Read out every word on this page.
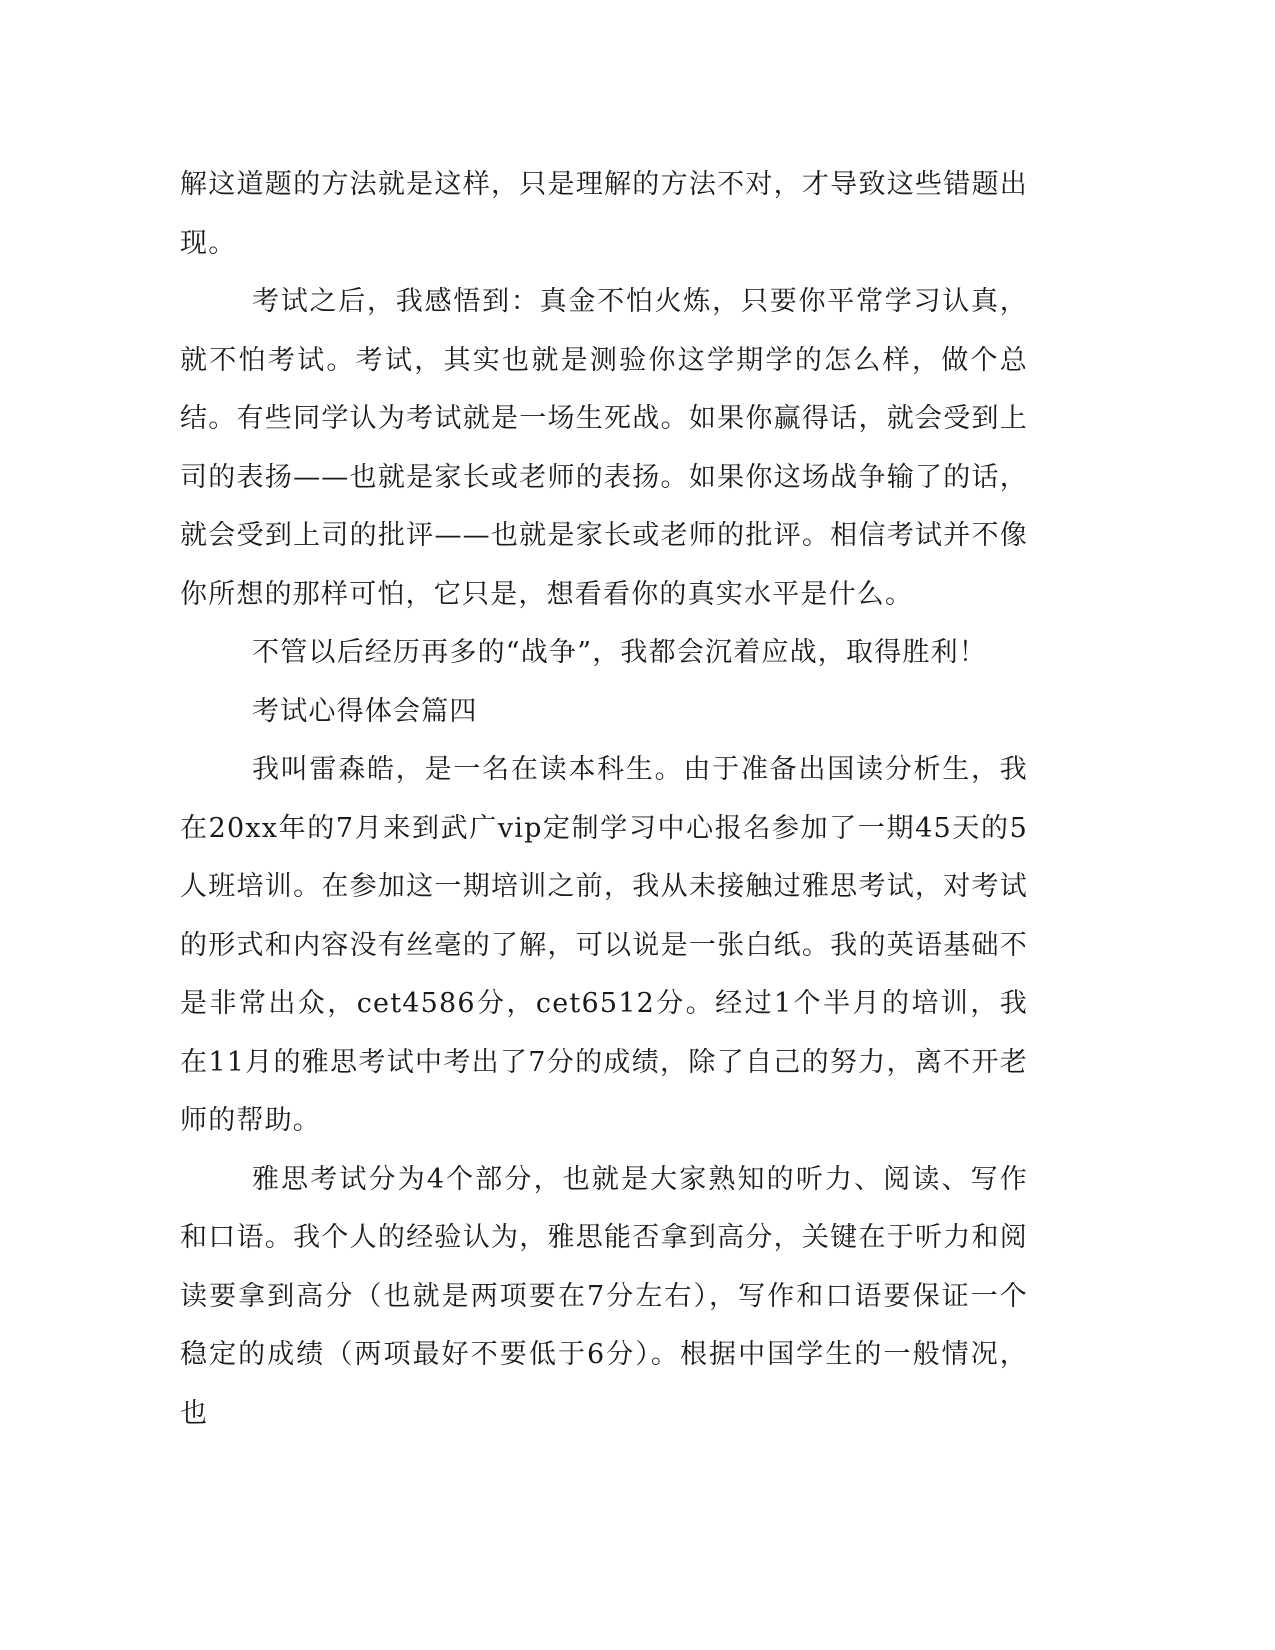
解这道题的方法就是这样，只是理解的方法不对，才导致这些错题出现。

考试之后，我感悟到：真金不怕火炼，只要你平常学习认真，就不怕考试。考试，其实也就是测验你这学期学的怎么样，做个总结。有些同学认为考试就是一场生死战。如果你赢得话，就会受到上司的表扬——也就是家长或老师的表扬。如果你这场战争输了的话，就会受到上司的批评——也就是家长或老师的批评。相信考试并不像你所想的那样可怕，它只是，想看看你的真实水平是什么。

不管以后经历再多的“战争”，我都会沉着应战，取得胜利！

考试心得体会篇四

我叫雷森皓，是一名在读本科生。由于准备出国读分析生，我在20xx年的7月来到武广vip定制学习中心报名参加了一期45天的5人班培训。在参加这一期培训之前，我从未接触过雅思考试，对考试的形式和内容没有丝毫的了解，可以说是一张白纸。我的英语基础不是非常出众，cet4586分，cet6512分。经过1个半月的培训，我在11月的雅思考试中考出了7分的成绩，除了自己的努力，离不开老师的帮助。

雅思考试分为4个部分，也就是大家熟知的听力、阅读、写作和口语。我个人的经验认为，雅思能否拿到高分，关键在于听力和阅读要拿到高分（也就是两项要在7分左右），写作和口语要保证一个稳定的成绩（两项最好不要低于6分）。根据中国学生的一般情况，也
